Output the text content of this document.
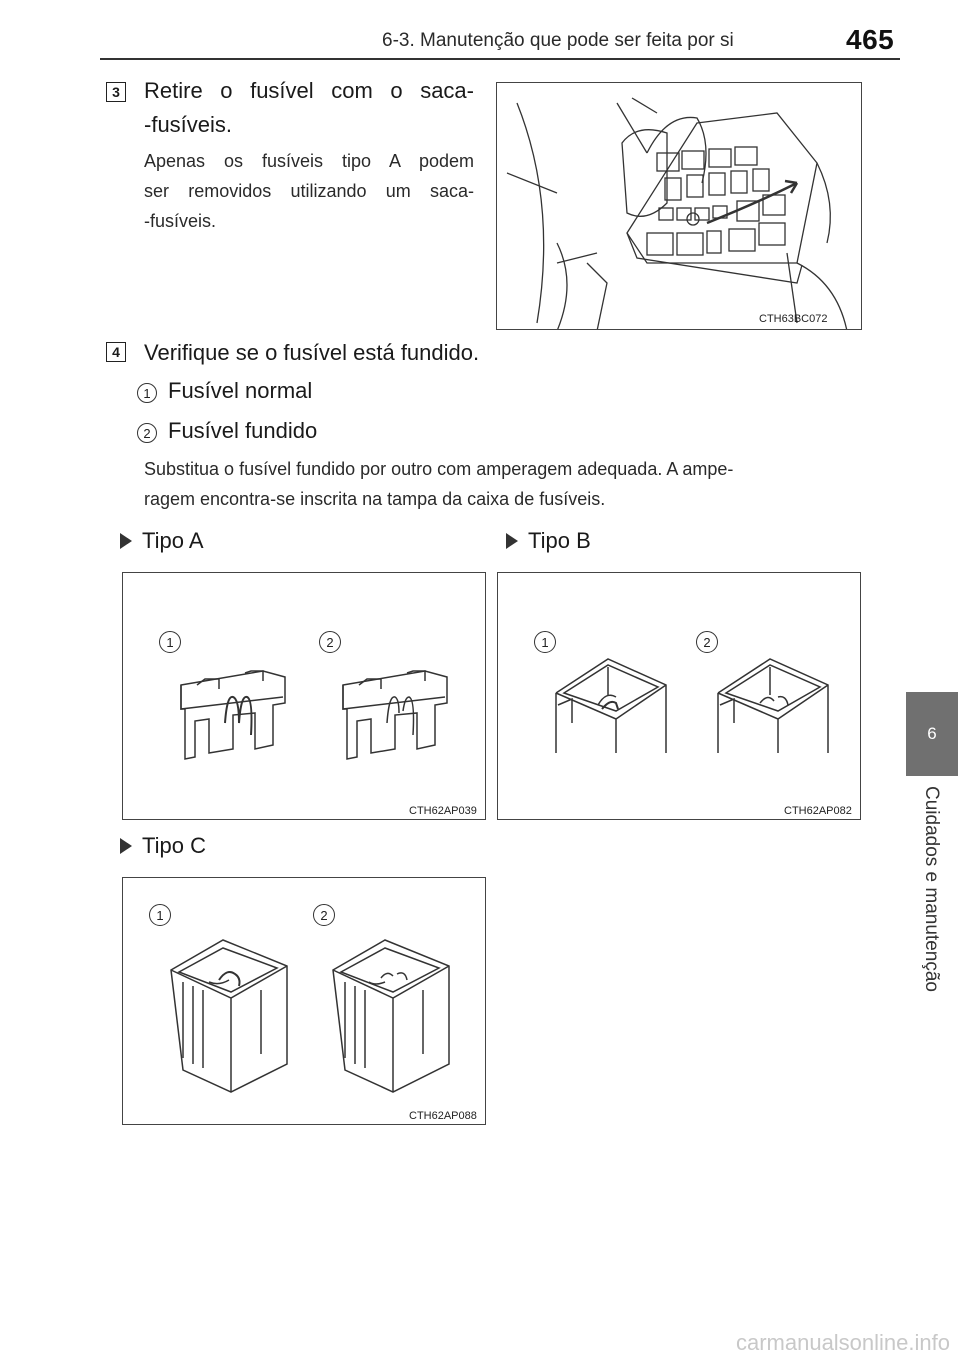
6-3. Manutenção que pode ser feita por si	465
3 Retire o fusível com o saca-
-fusíveis.
Apenas os fusíveis tipo A podem
ser removidos utilizando um saca-
-fusíveis.
CTH63BC072
4 Verifique se o fusível está fundido.
1 Fusível normal
2 Fusível fundido
Substitua o fusível fundido por outro com amperagem adequada. A ampe-
ragem encontra-se inscrita na tampa da caixa de fusíveis.
Tipo A	Tipo B
1	2
CTH62AP039
1	2
CTH62AP082
Tipo C
1	2
CTH62AP088
6
Cuidados e manutenção
carmanualsonline.info
